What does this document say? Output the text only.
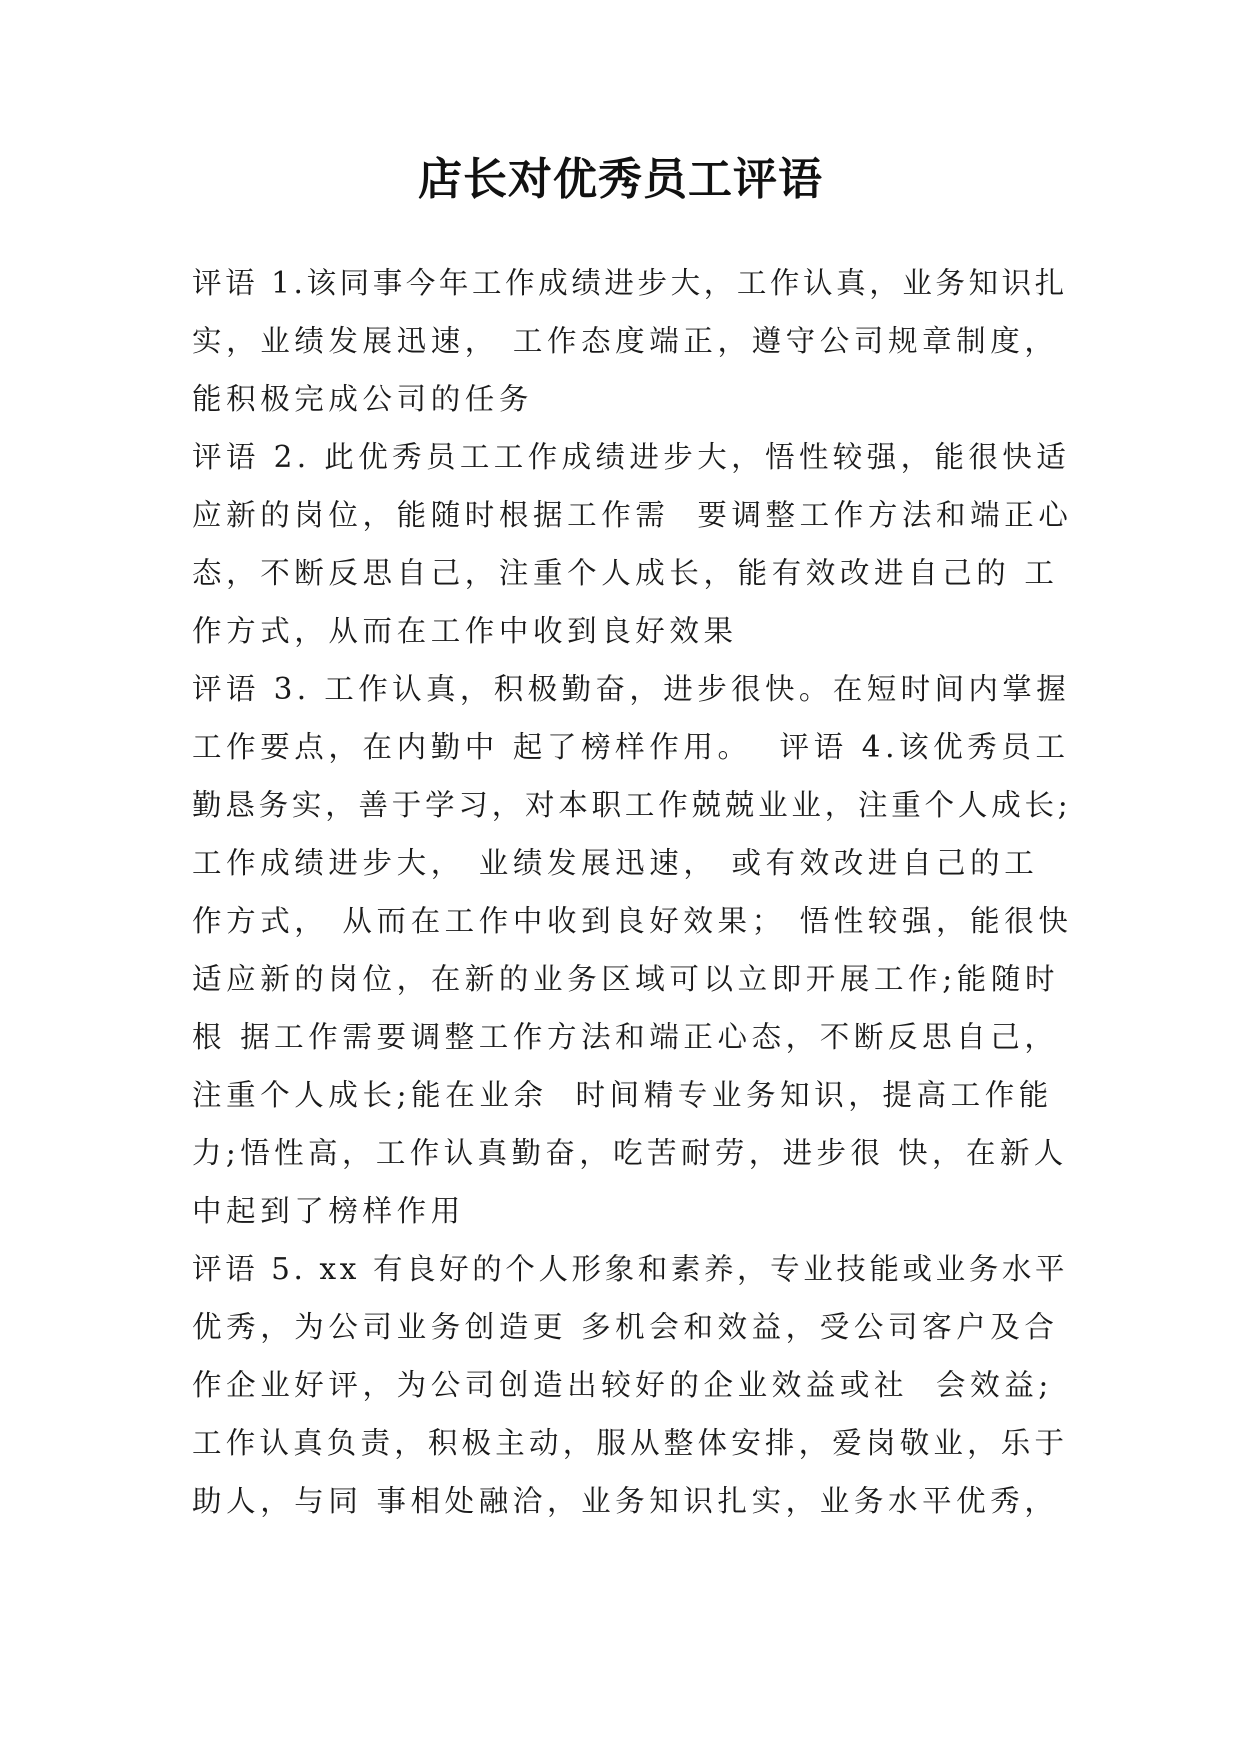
店长对优秀员工评语
评语 1.该同事今年工作成绩进步大，工作认真，业务知识扎
实，业绩发展迅速， 工作态度端正，遵守公司规章制度，
能积极完成公司的任务
评语 2. 此优秀员工工作成绩进步大，悟性较强，能很快适
应新的岗位，能随时根据工作需  要调整工作方法和端正心
态，不断反思自己，注重个人成长，能有效改进自己的 工
作方式，从而在工作中收到良好效果
评语 3. 工作认真，积极勤奋，进步很快。在短时间内掌握
工作要点，在内勤中 起了榜样作用。  评语 4.该优秀员工
勤恳务实，善于学习，对本职工作兢兢业业，注重个人成长;
工作成绩进步大， 业绩发展迅速， 或有效改进自己的工
作方式， 从而在工作中收到良好效果； 悟性较强，能很快
适应新的岗位，在新的业务区域可以立即开展工作;能随时
根 据工作需要调整工作方法和端正心态，不断反思自己，
注重个人成长;能在业余  时间精专业务知识，提高工作能
力;悟性高，工作认真勤奋，吃苦耐劳，进步很 快，在新人
中起到了榜样作用
评语 5. xx 有良好的个人形象和素养，专业技能或业务水平
优秀，为公司业务创造更 多机会和效益，受公司客户及合
作企业好评，为公司创造出较好的企业效益或社  会效益;
工作认真负责，积极主动，服从整体安排，爱岗敬业，乐于
助人，与同 事相处融洽，业务知识扎实，业务水平优秀，
